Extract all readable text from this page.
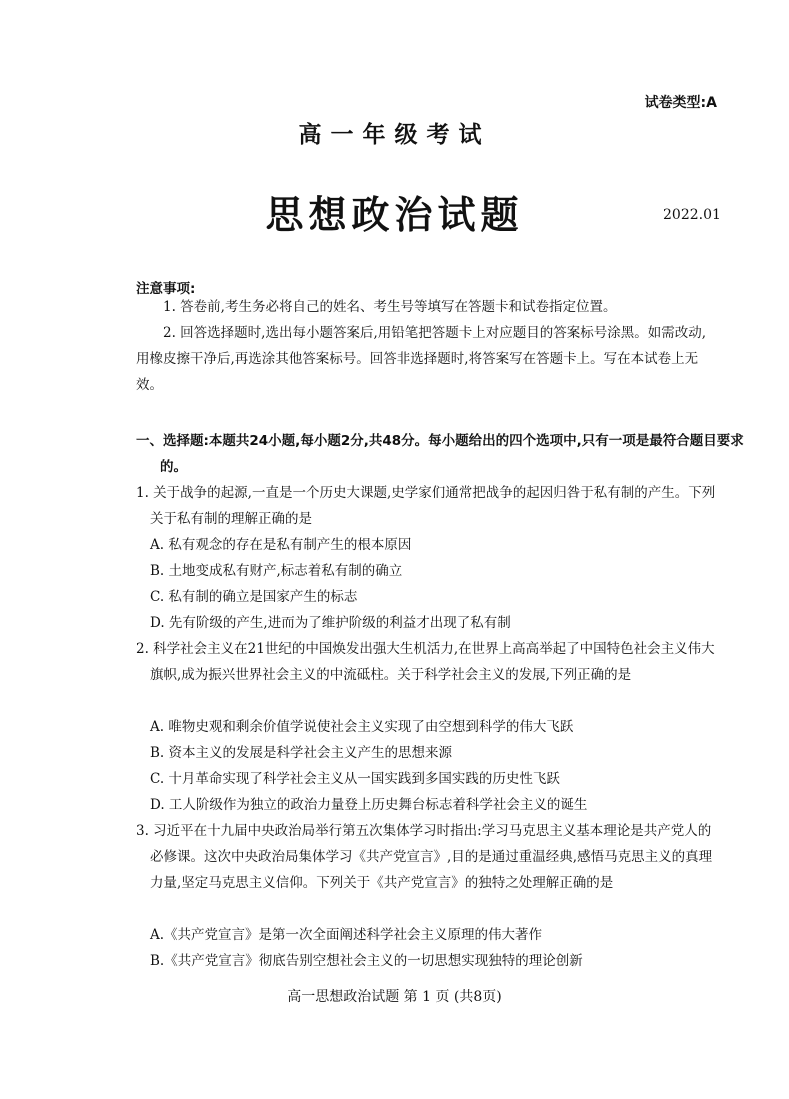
试卷类型:A

高一年级考试
思想政治试题	2022.01

注意事项:

1. 答卷前,考生务必将自己的姓名、考生号等填写在答题卡和试卷指定位置。

2. 回答选择题时,选出每小题答案后,用铅笔把答题卡上对应题目的答案标号涂黑。如需改动,用橡皮擦干净后,再选涂其他答案标号。回答非选择题时,将答案写在答题卡上。写在本试卷上无效。

一、选择题:本题共24小题,每小题2分,共48分。每小题给出的四个选项中,只有一项是最符合题目要求的。

1. 关于战争的起源,一直是一个历史大课题,史学家们通常把战争的起因归咎于私有制的产生。下列关于私有制的理解正确的是

A. 私有观念的存在是私有制产生的根本原因

B. 土地变成私有财产,标志着私有制的确立

C. 私有制的确立是国家产生的标志

D. 先有阶级的产生,进而为了维护阶级的利益才出现了私有制

2. 科学社会主义在21世纪的中国焕发出强大生机活力,在世界上高高举起了中国特色社会主义伟大旗帜,成为振兴世界社会主义的中流砥柱。关于科学社会主义的发展,下列正确的是

A. 唯物史观和剩余价值学说使社会主义实现了由空想到科学的伟大飞跃

B. 资本主义的发展是科学社会主义产生的思想来源

C. 十月革命实现了科学社会主义从一国实践到多国实践的历史性飞跃

D. 工人阶级作为独立的政治力量登上历史舞台标志着科学社会主义的诞生

3. 习近平在十九届中央政治局举行第五次集体学习时指出:学习马克思主义基本理论是共产党人的必修课。这次中央政治局集体学习《共产党宣言》,目的是通过重温经典,感悟马克思主义的真理力量,坚定马克思主义信仰。下列关于《共产党宣言》的独特之处理解正确的是

A.《共产党宣言》是第一次全面阐述科学社会主义原理的伟大著作

B.《共产党宣言》彻底告别空想社会主义的一切思想实现独特的理论创新

高一思想政治试题 第 1 页 (共8页)
